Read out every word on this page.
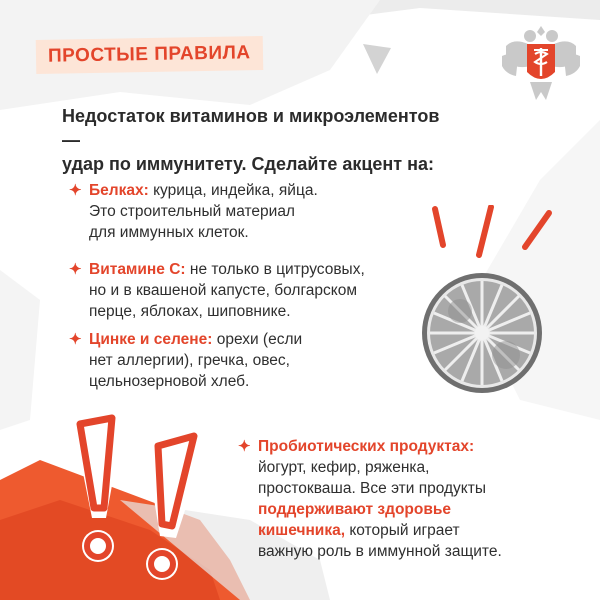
ПРОСТЫЕ ПРАВИЛА
Недостаток витаминов и микроэлементов —
удар по иммунитету. Сделайте акцент на:
✦ Белках: курица, индейка, яйца.
Это строительный материал
для иммунных клеток.
✦ Витамине С: не только в цитрусовых,
но и в квашеной капусте, болгарском
перце, яблоках, шиповнике.
✦ Цинке и селене: орехи (если
нет аллергии), гречка, овес,
цельнозерновой хлеб.
✦ Пробиотических продуктах:
йогурт, кефир, ряженка,
простокваша. Все эти продукты
поддерживают здоровье
кишечника, который играет
важную роль в иммунной защите.
